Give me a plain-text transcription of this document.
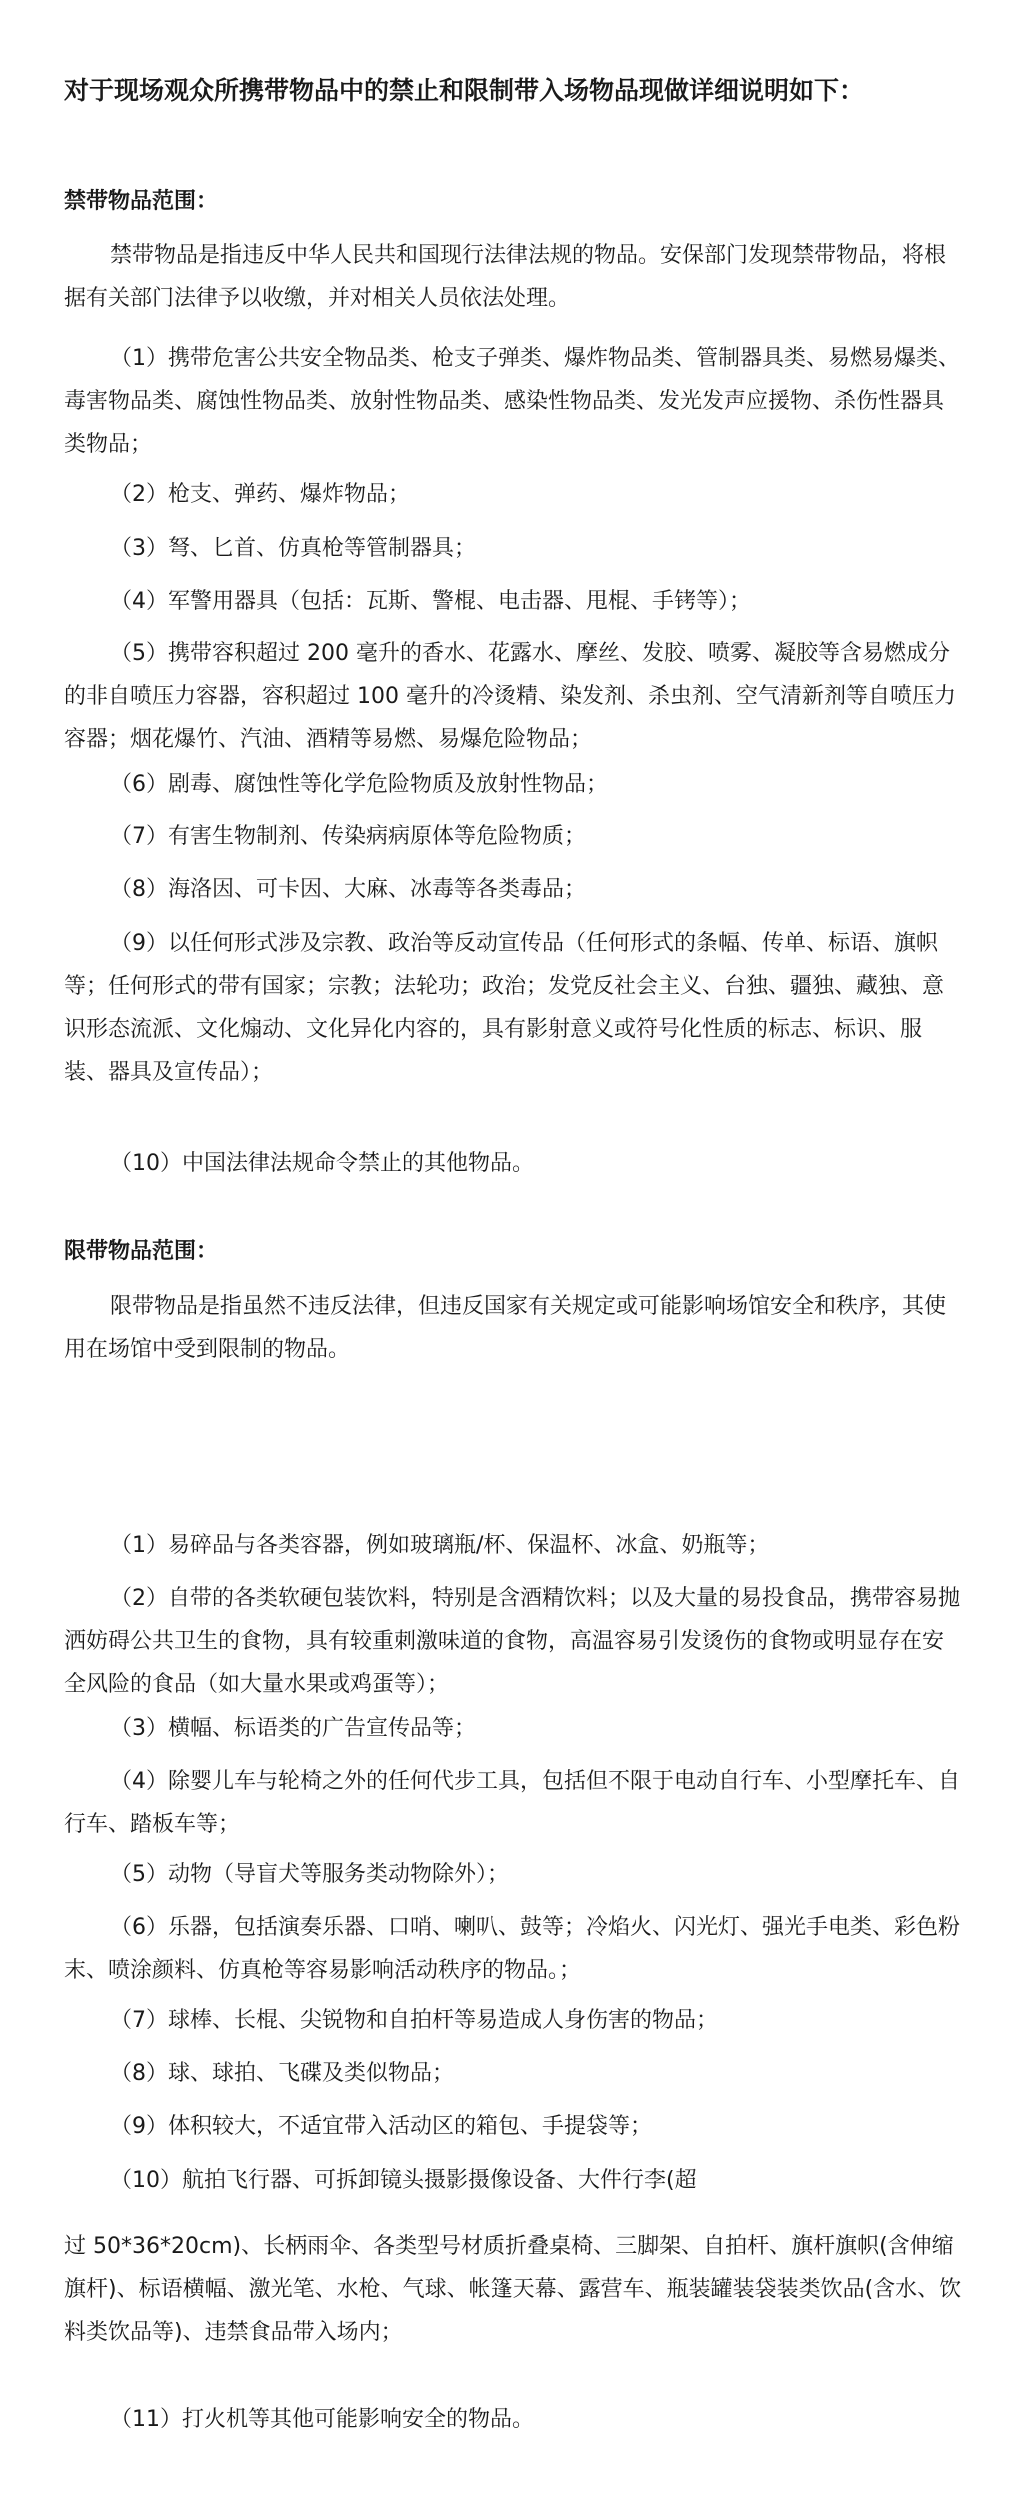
对于现场观众所携带物品中的禁止和限制带入场物品现做详细说明如下：
禁带物品范围：

禁带物品是指违反中华人民共和国现行法律法规的物品。安保部门发现禁带物品，将根据有关部门法律予以收缴，并对相关人员依法处理。

（1）携带危害公共安全物品类、枪支子弹类、爆炸物品类、管制器具类、易燃易爆类、毒害物品类、腐蚀性物品类、放射性物品类、感染性物品类、发光发声应援物、杀伤性器具类物品；

（2）枪支、弹药、爆炸物品；

（3）弩、匕首、仿真枪等管制器具；

（4）军警用器具（包括：瓦斯、警棍、电击器、甩棍、手铐等）；

（5）携带容积超过 200 毫升的香水、花露水、摩丝、发胶、喷雾、凝胶等含易燃成分的非自喷压力容器，容积超过 100 毫升的冷烫精、染发剂、杀虫剂、空气清新剂等自喷压力容器；烟花爆竹、汽油、酒精等易燃、易爆危险物品；

（6）剧毒、腐蚀性等化学危险物质及放射性物品；

（7）有害生物制剂、传染病病原体等危险物质；

（8）海洛因、可卡因、大麻、冰毒等各类毒品；

（9）以任何形式涉及宗教、政治等反动宣传品（任何形式的条幅、传单、标语、旗帜等；任何形式的带有国家；宗教；法轮功；政治；发党反社会主义、台独、疆独、藏独、意识形态流派、文化煽动、文化异化内容的，具有影射意义或符号化性质的标志、标识、服装、器具及宣传品）；

（10）中国法律法规命令禁止的其他物品。

限带物品范围：

限带物品是指虽然不违反法律，但违反国家有关规定或可能影响场馆安全和秩序，其使用在场馆中受到限制的物品。

（1）易碎品与各类容器，例如玻璃瓶/杯、保温杯、冰盒、奶瓶等；

（2）自带的各类软硬包装饮料，特别是含酒精饮料；以及大量的易投食品，携带容易抛洒妨碍公共卫生的食物，具有较重刺激味道的食物，高温容易引发烫伤的食物或明显存在安全风险的食品（如大量水果或鸡蛋等）；

（3）横幅、标语类的广告宣传品等；

（4）除婴儿车与轮椅之外的任何代步工具，包括但不限于电动自行车、小型摩托车、自行车、踏板车等；

（5）动物（导盲犬等服务类动物除外）；

（6）乐器，包括演奏乐器、口哨、喇叭、鼓等；冷焰火、闪光灯、强光手电类、彩色粉末、喷涂颜料、仿真枪等容易影响活动秩序的物品。；

（7）球棒、长棍、尖锐物和自拍杆等易造成人身伤害的物品；

（8）球、球拍、飞碟及类似物品；

（9）体积较大，不适宜带入活动区的箱包、手提袋等；

（10）航拍飞行器、可拆卸镜头摄影摄像设备、大件行李(超

过 50*36*20cm)、长柄雨伞、各类型号材质折叠桌椅、三脚架、自拍杆、旗杆旗帜(含伸缩旗杆)、标语横幅、激光笔、水枪、气球、帐篷天幕、露营车、瓶装罐装袋装类饮品(含水、饮料类饮品等)、违禁食品带入场内；

（11）打火机等其他可能影响安全的物品。
